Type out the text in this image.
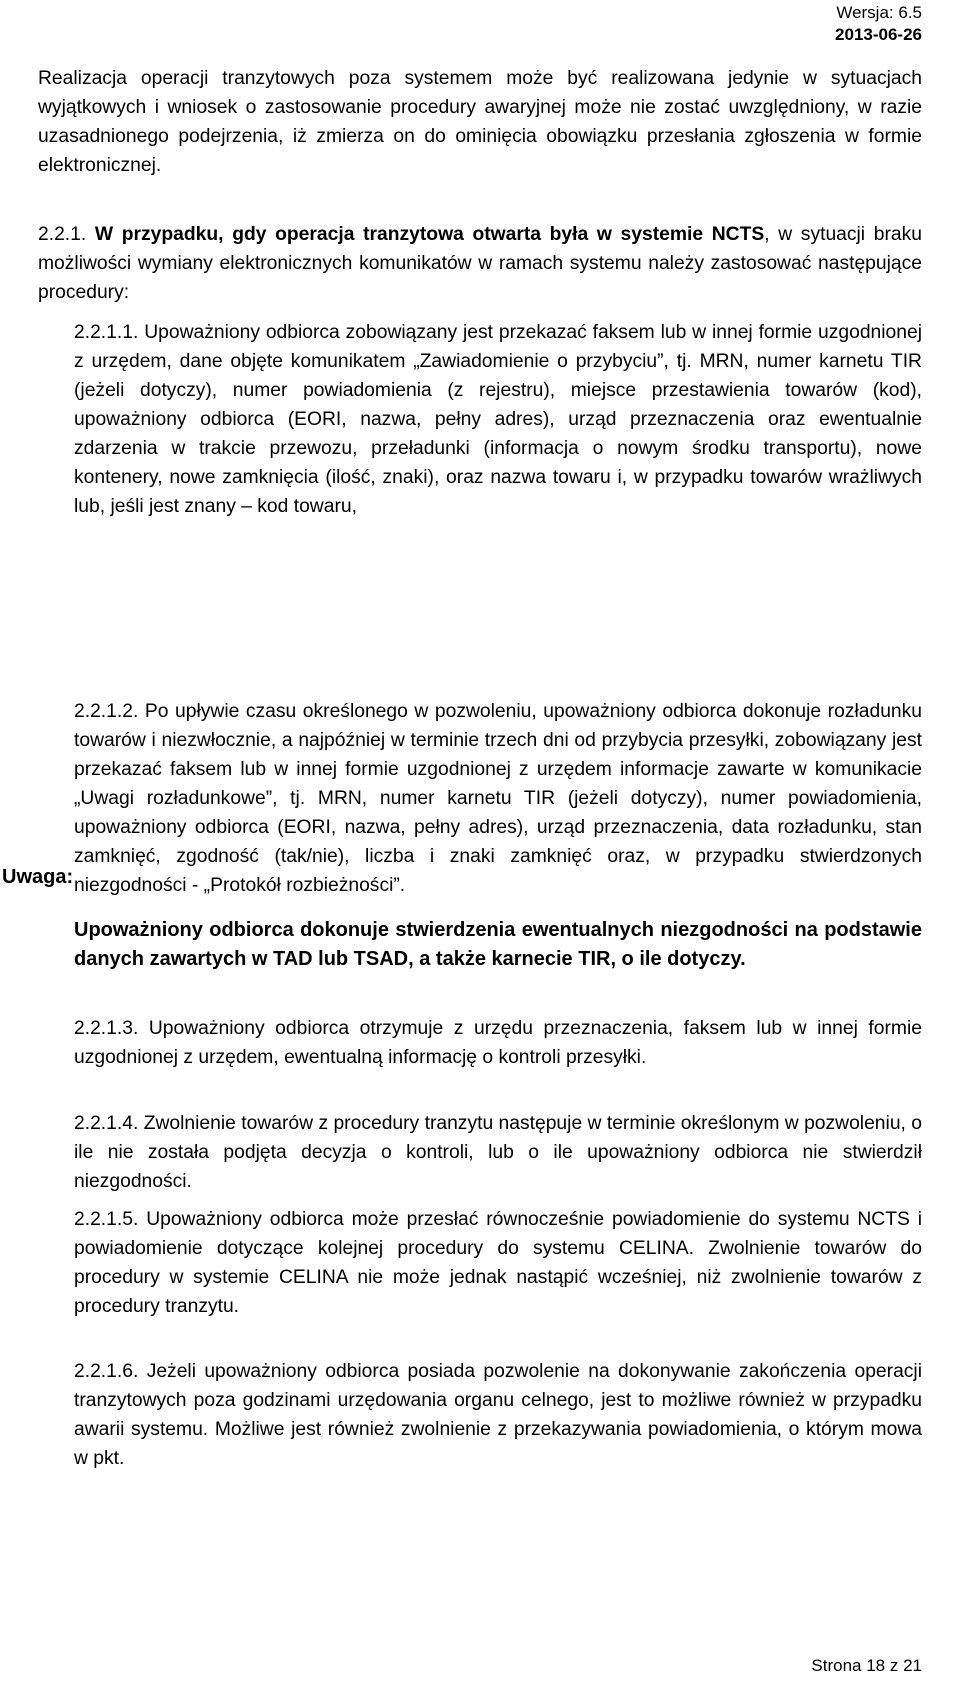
Wersja: 6.5
2013-06-26

Realizacja operacji tranzytowych poza systemem może być realizowana jedynie w sytuacjach wyjątkowych i wniosek o zastosowanie procedury awaryjnej może nie zostać uwzględniony, w razie uzasadnionego podejrzenia, iż zmierza on do ominięcia obowiązku przesłania zgłoszenia w formie elektronicznej.

2.2.1. W przypadku, gdy operacja tranzytowa otwarta była w systemie NCTS, w sytuacji braku możliwości wymiany elektronicznych komunikatów w ramach systemu należy zastosować następujące procedury:

2.2.1.1. Upoważniony odbiorca zobowiązany jest przekazać faksem lub w innej formie uzgodnionej z urzędem, dane objęte komunikatem „Zawiadomienie o przybyciu”, tj. MRN, numer karnetu TIR (jeżeli dotyczy), numer powiadomienia (z rejestru), miejsce przestawienia towarów (kod), upoważniony odbiorca (EORI, nazwa, pełny adres), urząd przeznaczenia oraz ewentualnie zdarzenia w trakcie przewozu, przeładunki (informacja o nowym środku transportu), nowe kontenery, nowe zamknięcia (ilość, znaki), oraz nazwa towaru i, w przypadku towarów wrażliwych lub, jeśli jest znany – kod towaru,

2.2.1.2. Po upływie czasu określonego w pozwoleniu, upoważniony odbiorca dokonuje rozładunku towarów i niezwłocznie, a najpóźniej w terminie trzech dni od przybycia przesyłki, zobowiązany jest przekazać faksem lub w innej formie uzgodnionej z urzędem informacje zawarte w komunikacie „Uwagi rozładunkowe”, tj. MRN, numer karnetu TIR (jeżeli dotyczy), numer powiadomienia, upoważniony odbiorca (EORI, nazwa, pełny adres), urząd przeznaczenia, data rozładunku, stan zamknięć, zgodność (tak/nie), liczba i znaki zamknięć oraz, w przypadku stwierdzonych niezgodności - „Protokół rozbieżności”.

Uwaga:

Upoważniony odbiorca dokonuje stwierdzenia ewentualnych niezgodności na podstawie danych zawartych w TAD lub TSAD, a także karnecie TIR, o ile dotyczy.

2.2.1.3. Upoważniony odbiorca otrzymuje z urzędu przeznaczenia, faksem lub w innej formie uzgodnionej z urzędem, ewentualną informację o kontroli przesyłki.

2.2.1.4. Zwolnienie towarów z procedury tranzytu następuje w terminie określonym w pozwoleniu, o ile nie została podjęta decyzja o kontroli, lub o ile upoważniony odbiorca nie stwierdził niezgodności.

2.2.1.5. Upoważniony odbiorca może przesłać równocześnie powiadomienie do systemu NCTS i powiadomienie dotyczące kolejnej procedury do systemu CELINA. Zwolnienie towarów do procedury w systemie CELINA nie może jednak nastąpić wcześniej, niż zwolnienie towarów z procedury tranzytu.

2.2.1.6. Jeżeli upoważniony odbiorca posiada pozwolenie na dokonywanie zakończenia operacji tranzytowych poza godzinami urzędowania organu celnego, jest to możliwe również w przypadku awarii systemu. Możliwe jest również zwolnienie z przekazywania powiadomienia, o którym mowa w pkt.

Strona 18 z 21
